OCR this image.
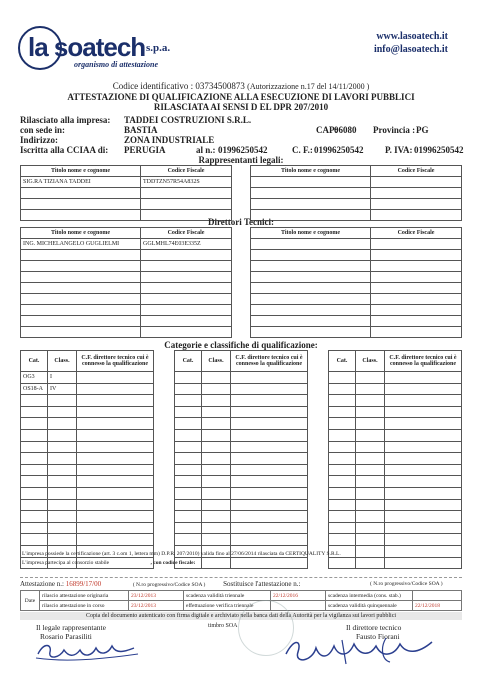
la soatech s.p.a.
organismo di attestazione
www.lasoatech.it
info@lasoatech.it
Codice identificativo : 03734500873 (Autorizzazione n.17 del 14/11/2000 )
ATTESTAZIONE DI QUALIFICAZIONE ALLA ESECUZIONE DI LAVORI PUBBLICI
RILASCIATA AI SENSI D EL DPR 207/2010
Rilasciato alla impresa: TADDEI COSTRUZIONI S.R.L.
con sede in:	BASTIA	CAP:
06080 Provincia : PG
Indirizzo:	ZONA INDUSTRIALE
Iscritta alla CCIAA di: PERUGIA	al n.: 01996250542	C. F.: 01996250542 P. IVA: 01996250542
Rappresentanti legali:
Titolo nome e cognome	Codice Fiscale
SIG.RA TIZIANA TADDEI	TDDTZN57R54A832S

Titolo nome e cognome	Codice Fiscale

Direttori Tecnici:
Titolo nome e cognome	Codice Fiscale
ING. MICHELANGELO GUGLIELMI	GGLMHL74E03E335Z

Titolo nome e cognome	Codice Fiscale

Categorie e classifiche di qualificazione:
Cat.	Class.	C.F. direttore tecnico cui è connesso la qualificazione
OG3	I	
OS18-A	IV	

Cat.	Class.	C.F. direttore tecnico cui è connesso la qualificazione

			Cat.	Class.	C.F. direttore tecnico cui è connesso la qualificazione

L'impresa possiede la certificazione (art. 3 c.om 1, lettera mm) D.P.R. 207/2010) valida fino al 27/06/2014 rilasciata da CERTIQUALITY S.R.L.
L'impresa partecipa al consorzio stabile	, con codice fiscale:
Attestazione n.: 16899/17/00	( N.ro progressivo/Codice SOA )	Sostituisce l'attestazione n.:	( N.ro progressivo/Codice SOA )
Date	rilascio attestazione originaria	23/12/2013	scadenza validità triennale	22/12/2016	scadenza intermedia (cons. stab.)	
	rilascio attestazione in corso	23/12/2013	effettuazione verifica triennale		scadenza validità quinquennale	22/12/2018
Copia del documento autenticato con firma digitale e archiviato nella banca dati della Autorità per la vigilanza sui lavori pubblici
Il legale rappresentante
Rosario Parasiliti
timbro SOA	Il direttore tecnico
Fausto Fiorani
